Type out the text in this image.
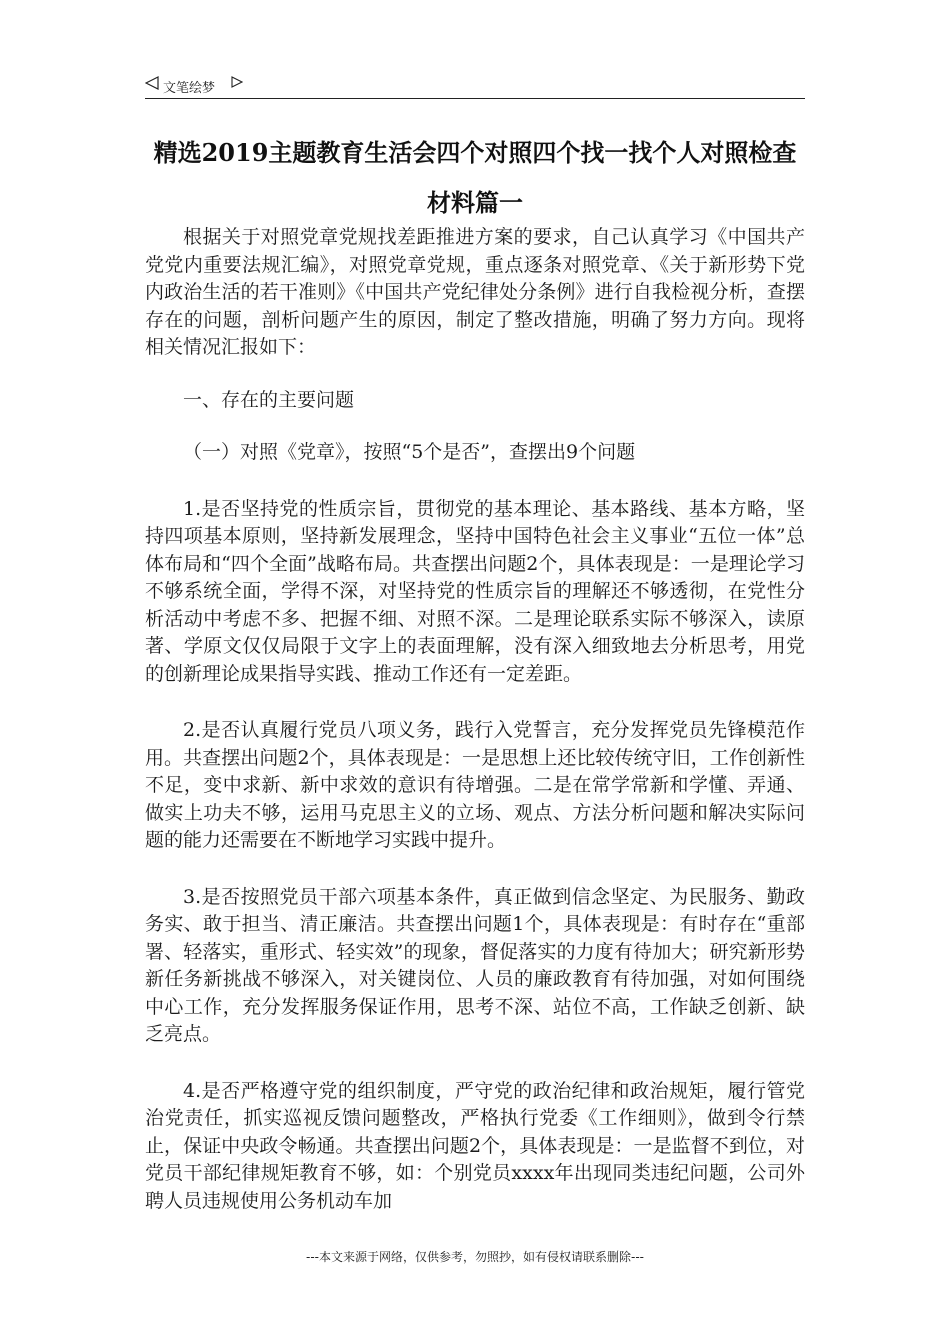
文笔绘梦
精选2019主题教育生活会四个对照四个找一找个人对照检查材料篇一

根据关于对照党章党规找差距推进方案的要求，自己认真学习《中国共产党党内重要法规汇编》，对照党章党规，重点逐条对照党章、《关于新形势下党内政治生活的若干准则》《中国共产党纪律处分条例》进行自我检视分析，查摆存在的问题，剖析问题产生的原因，制定了整改措施，明确了努力方向。现将相关情况汇报如下：

一、存在的主要问题

（一）对照《党章》，按照“5个是否”，查摆出9个问题

1.是否坚持党的性质宗旨，贯彻党的基本理论、基本路线、基本方略，坚持四项基本原则，坚持新发展理念，坚持中国特色社会主义事业“五位一体”总体布局和“四个全面”战略布局。共查摆出问题2个，具体表现是：一是理论学习不够系统全面，学得不深，对坚持党的性质宗旨的理解还不够透彻，在党性分析活动中考虑不多、把握不细、对照不深。二是理论联系实际不够深入，读原著、学原文仅仅局限于文字上的表面理解，没有深入细致地去分析思考，用党的创新理论成果指导实践、推动工作还有一定差距。

2.是否认真履行党员八项义务，践行入党誓言，充分发挥党员先锋模范作用。共查摆出问题2个，具体表现是：一是思想上还比较传统守旧，工作创新性不足，变中求新、新中求效的意识有待增强。二是在常学常新和学懂、弄通、做实上功夫不够，运用马克思主义的立场、观点、方法分析问题和解决实际问题的能力还需要在不断地学习实践中提升。

3.是否按照党员干部六项基本条件，真正做到信念坚定、为民服务、勤政务实、敢于担当、清正廉洁。共查摆出问题1个，具体表现是：有时存在“重部署、轻落实，重形式、轻实效”的现象，督促落实的力度有待加大；研究新形势新任务新挑战不够深入，对关键岗位、人员的廉政教育有待加强，对如何围绕中心工作，充分发挥服务保证作用，思考不深、站位不高，工作缺乏创新、缺乏亮点。

4.是否严格遵守党的组织制度，严守党的政治纪律和政治规矩，履行管党治党责任，抓实巡视反馈问题整改，严格执行党委《工作细则》，做到令行禁止，保证中央政令畅通。共查摆出问题2个，具体表现是：一是监督不到位，对党员干部纪律规矩教育不够，如：个别党员xxxx年出现同类违纪问题，公司外聘人员违规使用公务机动车加

---本文来源于网络，仅供参考，勿照抄，如有侵权请联系删除---
